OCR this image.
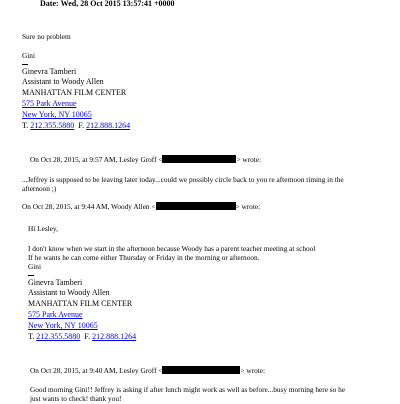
Date: Wed, 28 Oct 2015 13:57:41 +0000
Sure no problem
Gini
Ginevra Tamberi
Assistant to Woody Allen
MANHATTAN FILM CENTER
575 Park Avenue
New York, NY 10065
T. 212.355.5880 F. 212.888.1264
On Oct 28, 2015, at 9:57 AM, Lesley Groff <	> wrote:
...Jeffrey is supposed to be leaving later today...could we possibly circle back to you re afternoon timing in the
afternoon ;)
On Oct 28, 2015, at 9:44 AM, Woody Allen <	> wrote:
Hi Lesley,
I don't know when we start in the afternoon because Woody has a parent teacher meeting at school
If he wants he can come either Thursday or Friday in the morning or afternoon.
Gini
Ginevra Tamberi
Assistant to Woody Allen
MANHATTAN FILM CENTER
575 Park Avenue
New York, NY 10065
T. 212.355.5880 F. 212.888.1264
On Oct 28, 2015, at 9:40 AM, Lesley Groff <	> wrote:
Good morning Gini!! Jeffrey is asking if after lunch might work as well as before...busy morning here so he
just wants to check! thank you!
